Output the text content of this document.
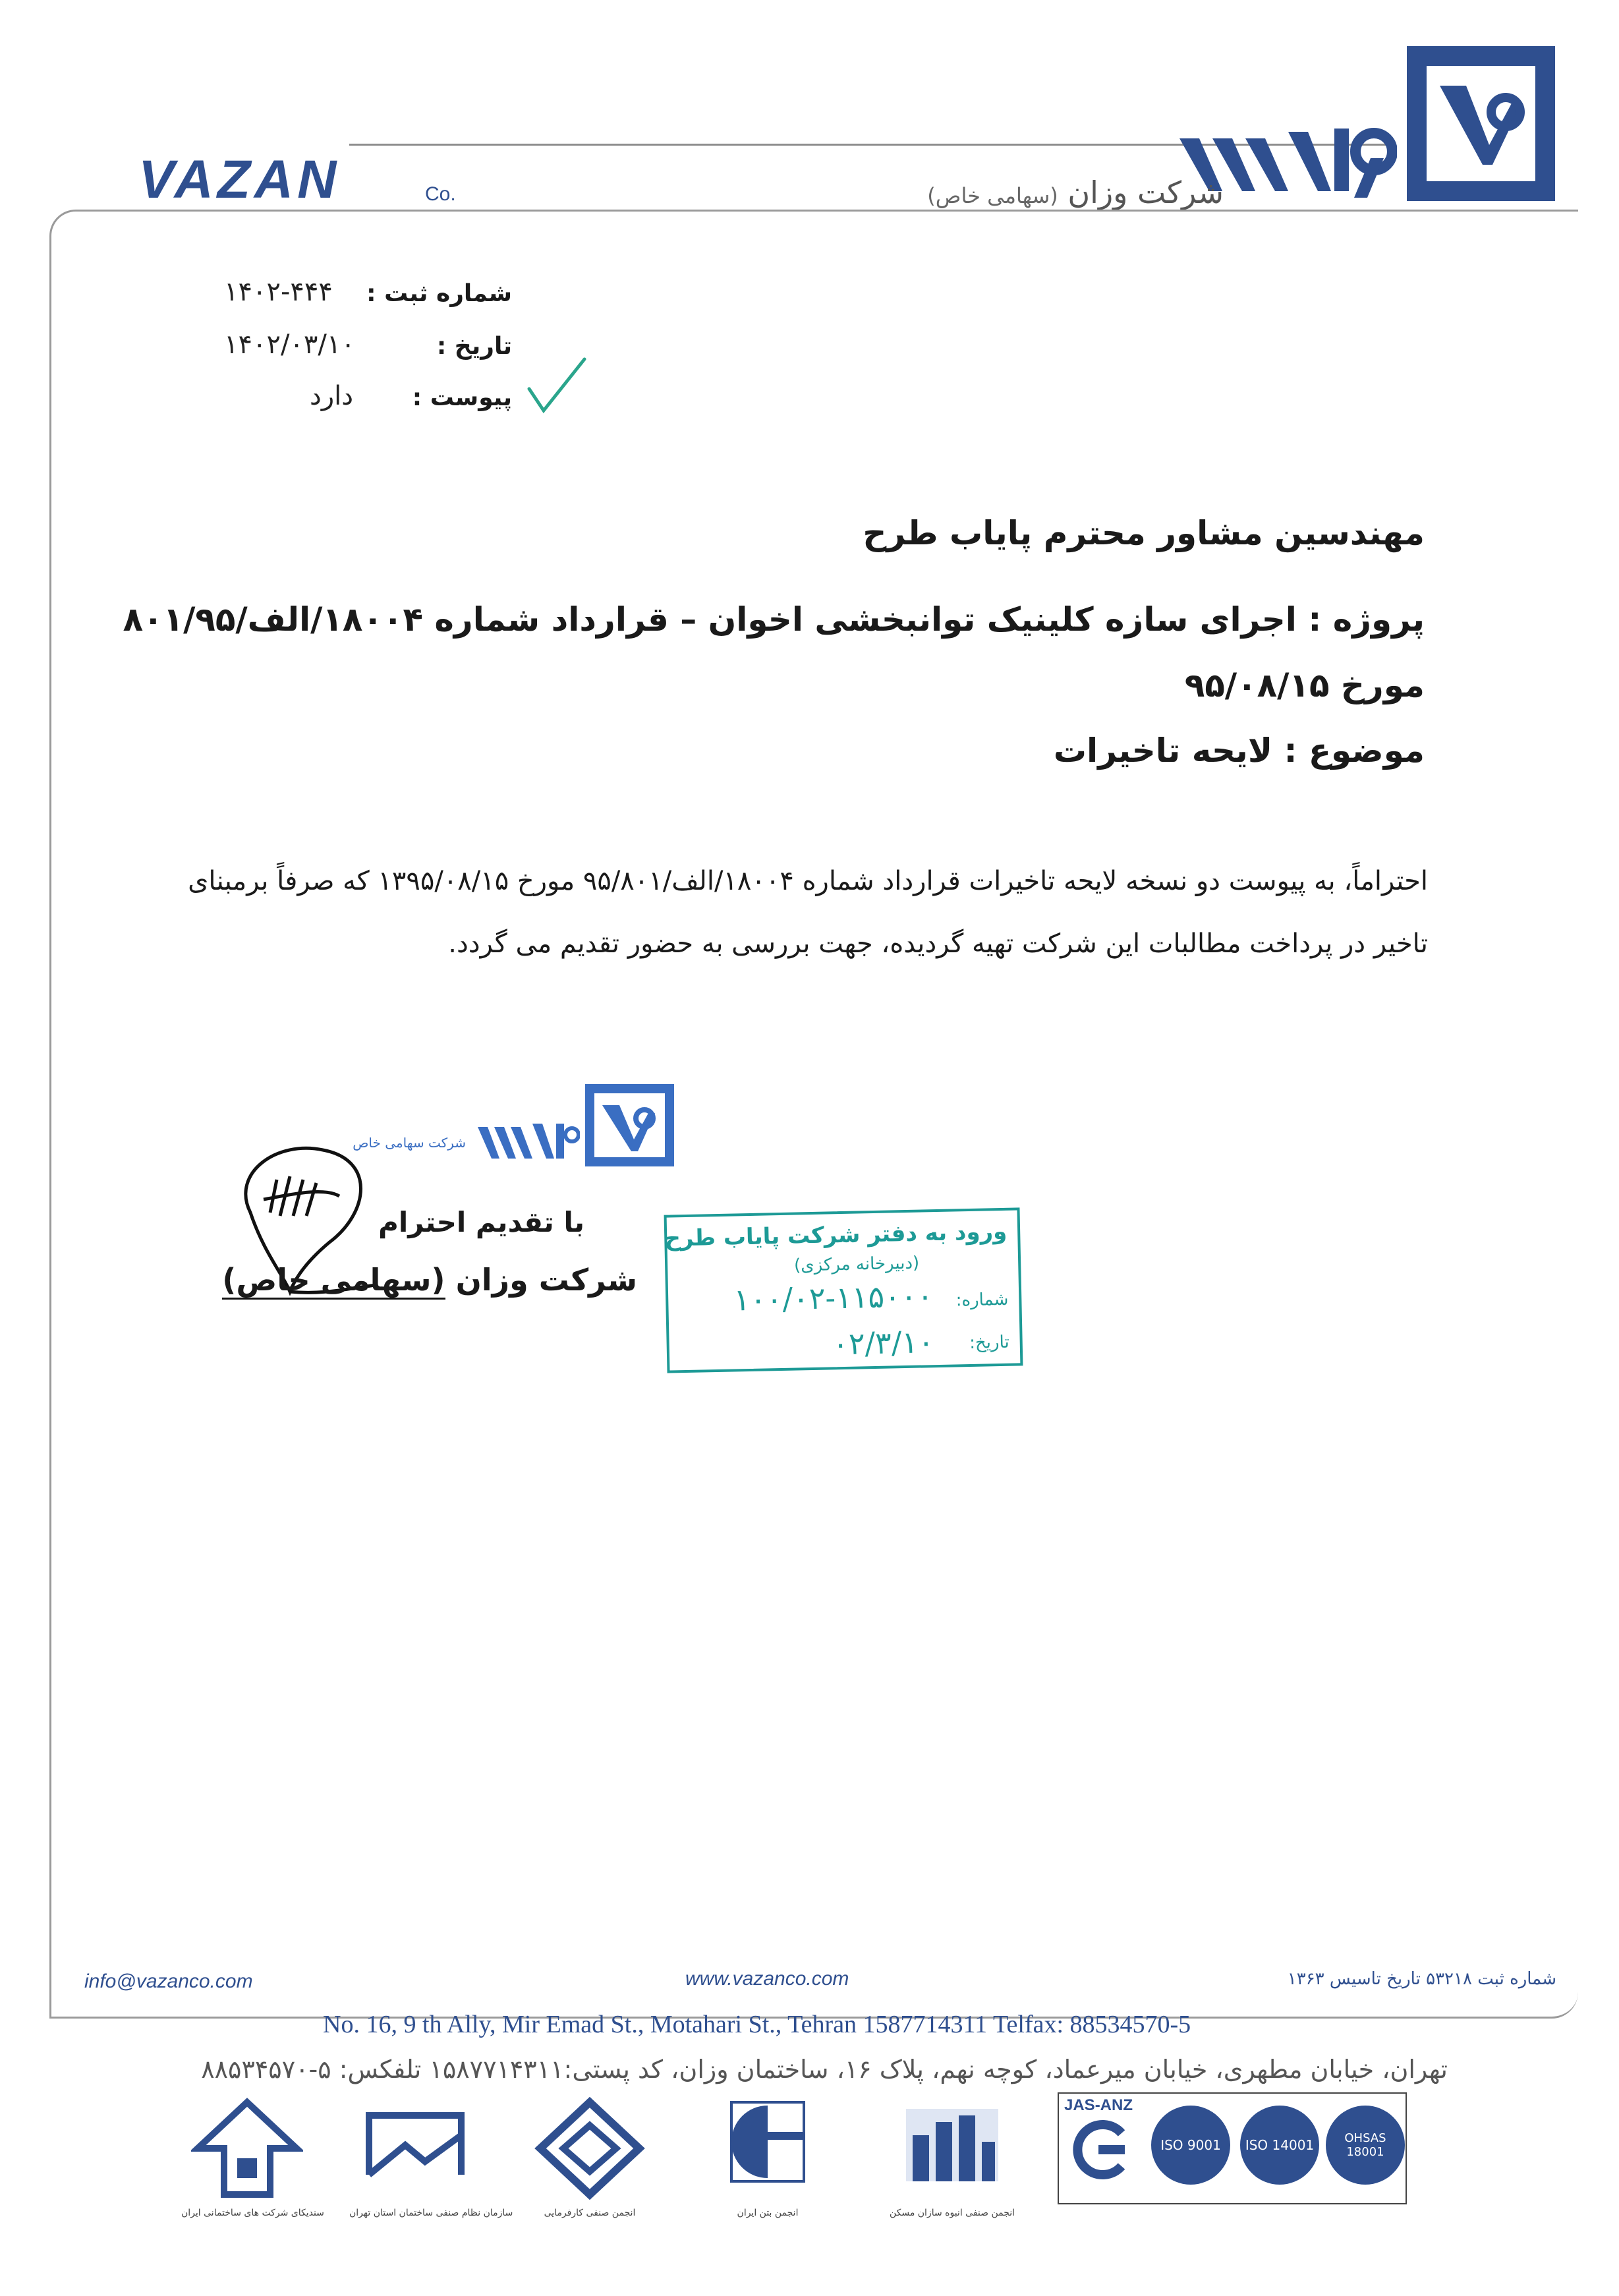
VAZAN	Co.	شرکت وزان (سهامی خاص)
شماره ثبت :
۱۴۰۲-۴۴۴
تاریخ :
۱۴۰۲/۰۳/۱۰
پیوست :
دارد
مهندسین مشاور محترم پایاب طرح
پروژه : اجرای سازه کلینیک توانبخشی اخوان – قرارداد شماره ۱۸۰۰۴/الف/۸۰۱/۹۵ مورخ ۹۵/۰۸/۱۵
موضوع : لایحه تاخیرات
احتراماً، به پیوست دو نسخه لایحه تاخیرات قرارداد شماره ۱۸۰۰۴/الف/۹۵/۸۰۱ مورخ ۱۳۹۵/۰۸/۱۵ که صرفاً برمبنای تاخیر در پرداخت مطالبات این شرکت تهیه گردیده، جهت بررسی به حضور تقدیم می گردد.
شرکت سهامی خاص
با تقدیم احترام
شرکت وزان (سهامی خاص)
ورود به دفتر شرکت پایاب طرح
(دبیرخانه مرکزی)
شماره:
۱۰۰/۰۲-۱۱۵۰۰۰
تاریخ:
۰۲/۳/۱۰
info@vazanco.com	www.vazanco.com	شماره ثبت ۵۳۲۱۸ تاریخ تاسیس ۱۳۶۳
No. 16, 9 th Ally, Mir Emad St., Motahari St., Tehran 1587714311 Telfax: 88534570-5
تهران، خیابان مطهری، خیابان میرعماد، کوچه نهم، پلاک ۱۶، ساختمان وزان، کد پستی:۱۵۸۷۷۱۴۳۱۱ تلفکس: ۵-۸۸۵۳۴۵۷۰
سندیکای شرکت های ساختمانی ایران	سازمان نظام صنفی ساختمان استان تهران	انجمن صنفی کارفرمایی	انجمن بتن ایران	انجمن صنفی انبوه سازان مسکن
JAS-ANZ
ISO 9001	ISO 14001	OHSAS 18001
